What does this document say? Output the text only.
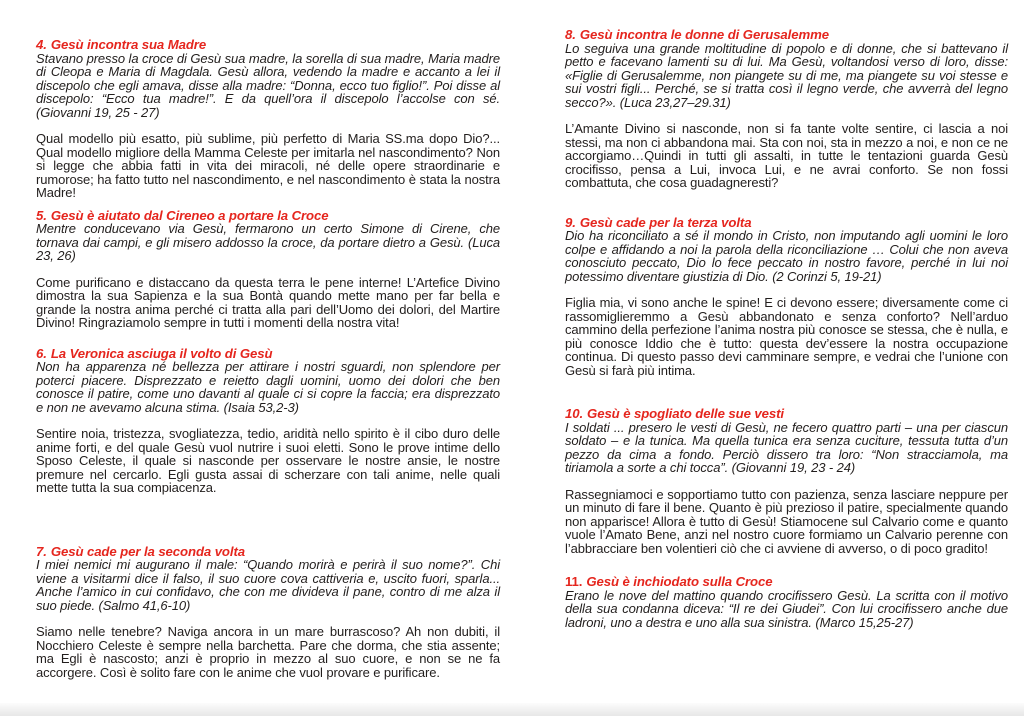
4. Gesù incontra sua Madre

Stavano presso la croce di Gesù sua madre, la sorella di sua madre, Maria madre di Cleopa e Maria di Magdala. Gesù allora, vedendo la madre e accanto a lei il discepolo che egli amava, disse alla madre: “Donna, ecco tuo figlio!”. Poi disse al discepolo: “Ecco tua madre!”. E da quell’ora il discepolo l’accolse con sé. (Giovanni 19, 25 - 27)

Qual modello più esatto, più sublime, più perfetto di Maria SS.ma dopo Dio?... Qual modello migliore della Mamma Celeste per imitarla nel nascondimento? Non si legge che abbia fatti in vita dei miracoli, né delle opere straordinarie e rumorose; ha fatto tutto nel nascondimento, e nel nascondimento è stata la nostra Madre!

5. Gesù è aiutato dal Cireneo a portare la Croce

Mentre conducevano via Gesù, fermarono un certo Simone di Cirene, che tornava dai campi, e gli misero addosso la croce, da portare dietro a Gesù. (Luca 23, 26)

Come purificano e distaccano da questa terra le pene interne! L’Artefice Divino dimostra la sua Sapienza e la sua Bontà quando mette mano per far bella e grande la nostra anima perché ci tratta alla pari dell’Uomo dei dolori, del Martire Divino! Ringraziamolo sempre in tutti i momenti della nostra vita!

6. La Veronica asciuga il volto di Gesù

Non ha apparenza né bellezza per attirare i nostri sguardi, non splendore per poterci piacere. Disprezzato e reietto dagli uomini, uomo dei dolori che ben conosce il patire, come uno davanti al quale ci si copre la faccia; era disprezzato e non ne avevamo alcuna stima. (Isaia 53,2-3)

Sentire noia, tristezza, svogliatezza, tedio, aridità nello spirito è il cibo duro delle anime forti, e del quale Gesù vuol nutrire i suoi eletti. Sono le prove intime dello Sposo Celeste, il quale si nasconde per osservare le nostre ansie, le nostre premure nel cercarlo. Egli gusta assai di scherzare con tali anime, nelle quali mette tutta la sua compiacenza.

7. Gesù cade per la seconda volta

I miei nemici mi augurano il male: “Quando morirà e perirà il suo nome?”. Chi viene a visitarmi dice il falso, il suo cuore cova cattiveria e, uscito fuori, sparla... Anche l’amico in cui confidavo, che con me divideva il pane, contro di me alza il suo piede. (Salmo 41,6-10)

Siamo nelle tenebre? Naviga ancora in un mare burrascoso? Ah non dubiti, il Nocchiero Celeste è sempre nella barchetta. Pare che dorma, che stia assente; ma Egli è nascosto; anzi è proprio in mezzo al suo cuore, e non se ne fa accorgere. Così è solito fare con le anime che vuol provare e purificare.

8. Gesù incontra le donne di Gerusalemme

Lo seguiva una grande moltitudine di popolo e di donne, che si battevano il petto e facevano lamenti su di lui. Ma Gesù, voltandosi verso di loro, disse: «Figlie di Gerusalemme, non piangete su di me, ma piangete su voi stesse e sui vostri figli... Perché, se si tratta così il legno verde, che avverrà del legno secco?». (Luca 23,27–29.31)

L’Amante Divino si nasconde, non si fa tante volte sentire, ci lascia a noi stessi, ma non ci abbandona mai. Sta con noi, sta in mezzo a noi, e non ce ne accorgiamo…Quindi in tutti gli assalti, in tutte le tentazioni guarda Gesù crocifisso, pensa a Lui, invoca Lui, e ne avrai conforto. Se non fossi combattuta, che cosa guadagneresti?

9. Gesù cade per la terza volta

Dio ha riconciliato a sé il mondo in Cristo, non imputando agli uomini le loro colpe e affidando a noi la parola della riconciliazione … Colui che non aveva conosciuto peccato, Dio lo fece peccato in nostro favore, perché in lui noi potessimo diventare giustizia di Dio. (2 Corinzi 5, 19-21)

Figlia mia, vi sono anche le spine! E ci devono essere; diversamente come ci rassomiglieremmo a Gesù abbandonato e senza conforto? Nell’arduo cammino della perfezione l’anima nostra più conosce se stessa, che è nulla, e più conosce Iddio che è tutto: questa dev’essere la nostra occupazione continua. Di questo passo devi camminare sempre, e vedrai che l’unione con Gesù si farà più intima.

10. Gesù è spogliato delle sue vesti

I soldati ... presero le vesti di Gesù, ne fecero quattro parti – una per ciascun soldato – e la tunica. Ma quella tunica era senza cuciture, tessuta tutta d’un pezzo da cima a fondo. Perciò dissero tra loro: “Non stracciamola, ma tiriamola a sorte a chi tocca”. (Giovanni 19, 23 - 24)

Rassegniamoci e sopportiamo tutto con pazienza, senza lasciare neppure per un minuto di fare il bene. Quanto è più prezioso il patire, specialmente quando non apparisce! Allora è tutto di Gesù! Stiamocene sul Calvario come e quanto vuole l’Amato Bene, anzi nel nostro cuore formiamo un Calvario perenne con l’abbracciare ben volentieri ciò che ci avviene di avverso, o di poco gradito!

11. Gesù è inchiodato sulla Croce

Erano le nove del mattino quando crocifissero Gesù. La scritta con il motivo della sua condanna diceva: “Il re dei Giudei”. Con lui crocifissero anche due ladroni, uno a destra e uno alla sua sinistra. (Marco 15,25-27)
